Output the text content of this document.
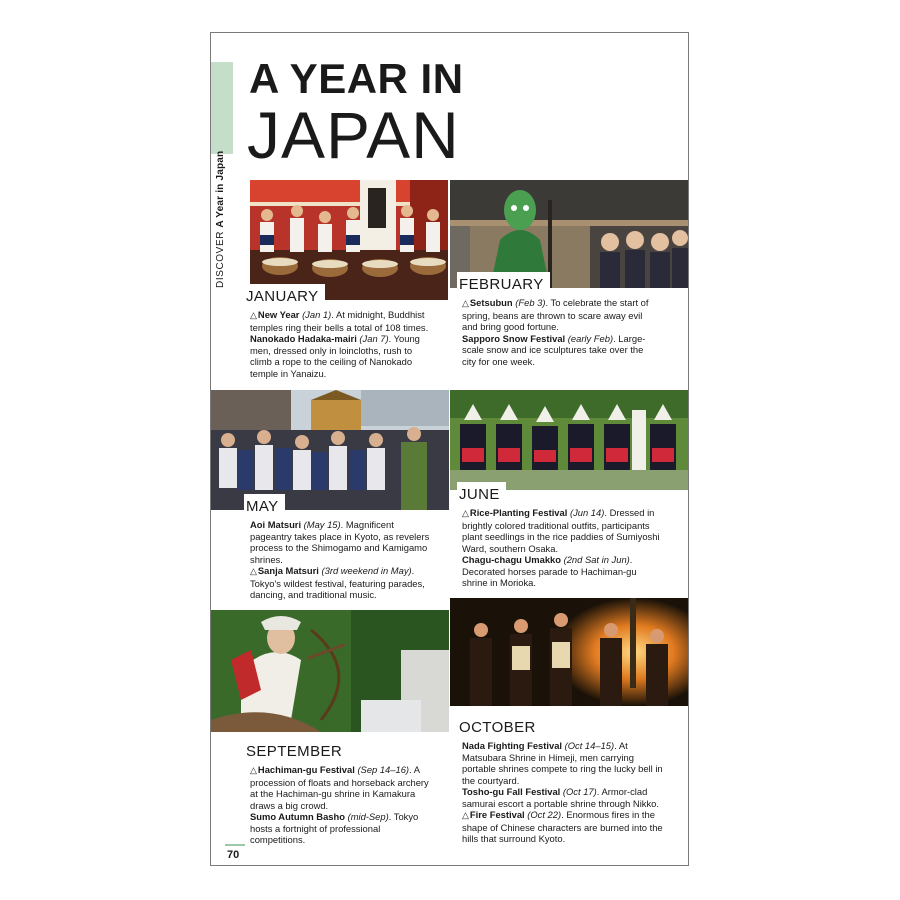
DISCOVER A Year in Japan
A YEAR IN
JAPAN
JANUARY
FEBRUARY
MAY
JUNE
SEPTEMBER
OCTOBER

△New Year (Jan 1). At midnight, Buddhist temples ring their bells a total of 108 times.

Nanokado Hadaka-mairi (Jan 7). Young men, dressed only in loincloths, rush to climb a rope to the ceiling of Nanokado temple in Yanaizu.

△Setsubun (Feb 3). To celebrate the start of spring, beans are thrown to scare away evil and bring good fortune.

Sapporo Snow Festival (early Feb). Large-scale snow and ice sculptures take over the city for one week.

Aoi Matsuri (May 15). Magnificent pageantry takes place in Kyoto, as revelers process to the Shimogamo and Kamigamo shrines.

△Sanja Matsuri (3rd weekend in May). Tokyo's wildest festival, featuring parades, dancing, and traditional music.

△Rice-Planting Festival (Jun 14). Dressed in brightly colored traditional outfits, participants plant seedlings in the rice paddies of Sumiyoshi Ward, southern Osaka.

Chagu-chagu Umakko (2nd Sat in Jun). Decorated horses parade to Hachiman-gu shrine in Morioka.

△Hachiman-gu Festival (Sep 14–16). A procession of floats and horseback archery at the Hachiman-gu shrine in Kamakura draws a big crowd.

Sumo Autumn Basho (mid-Sep). Tokyo hosts a fortnight of professional competitions.

Nada Fighting Festival (Oct 14–15). At Matsubara Shrine in Himeji, men carrying portable shrines compete to ring the lucky bell in the courtyard.

Tosho-gu Fall Festival (Oct 17). Armor-clad samurai escort a portable shrine through Nikko.

△Fire Festival (Oct 22). Enormous fires in the shape of Chinese characters are burned into the hills that surround Kyoto.

70
